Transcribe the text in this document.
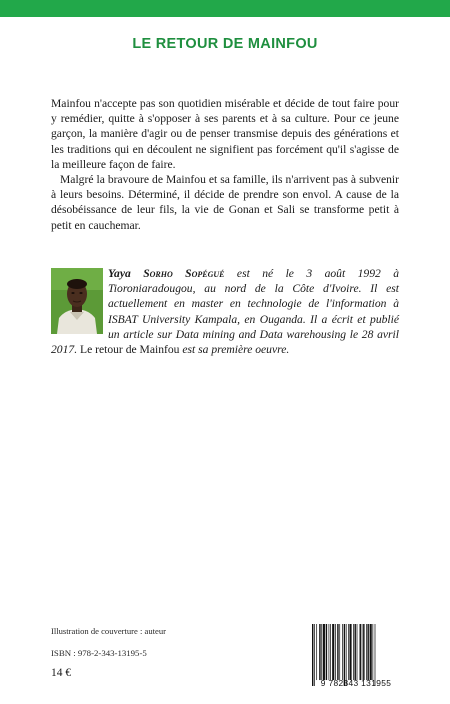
LE RETOUR DE MAINFOU

Mainfou n'accepte pas son quotidien misérable et décide de tout faire pour y remédier, quitte à s'opposer à ses parents et à sa culture. Pour ce jeune garçon, la manière d'agir ou de penser transmise depuis des générations et les traditions qui en découlent ne signifient pas forcément qu'il s'agisse de la meilleure façon de faire.

Malgré la bravoure de Mainfou et sa famille, ils n'arrivent pas à subvenir à leurs besoins. Déterminé, il décide de prendre son envol. A cause de la désobéissance de leur fils, la vie de Gonan et Sali se transforme petit à petit en cauchemar.

Yaya Sorho Sopégué est né le 3 août 1992 à Tioroniaradougou, au nord de la Côte d'Ivoire. Il est actuellement en master en technologie de l'information à ISBAT University Kampala, en Ouganda. Il a écrit et publié un article sur Data mining and Data warehousing le 28 avril 2017. Le retour de Mainfou est sa première oeuvre.
Illustration de couverture : auteur
ISBN : 978-2-343-13195-5
14 €
9 782343 131955
